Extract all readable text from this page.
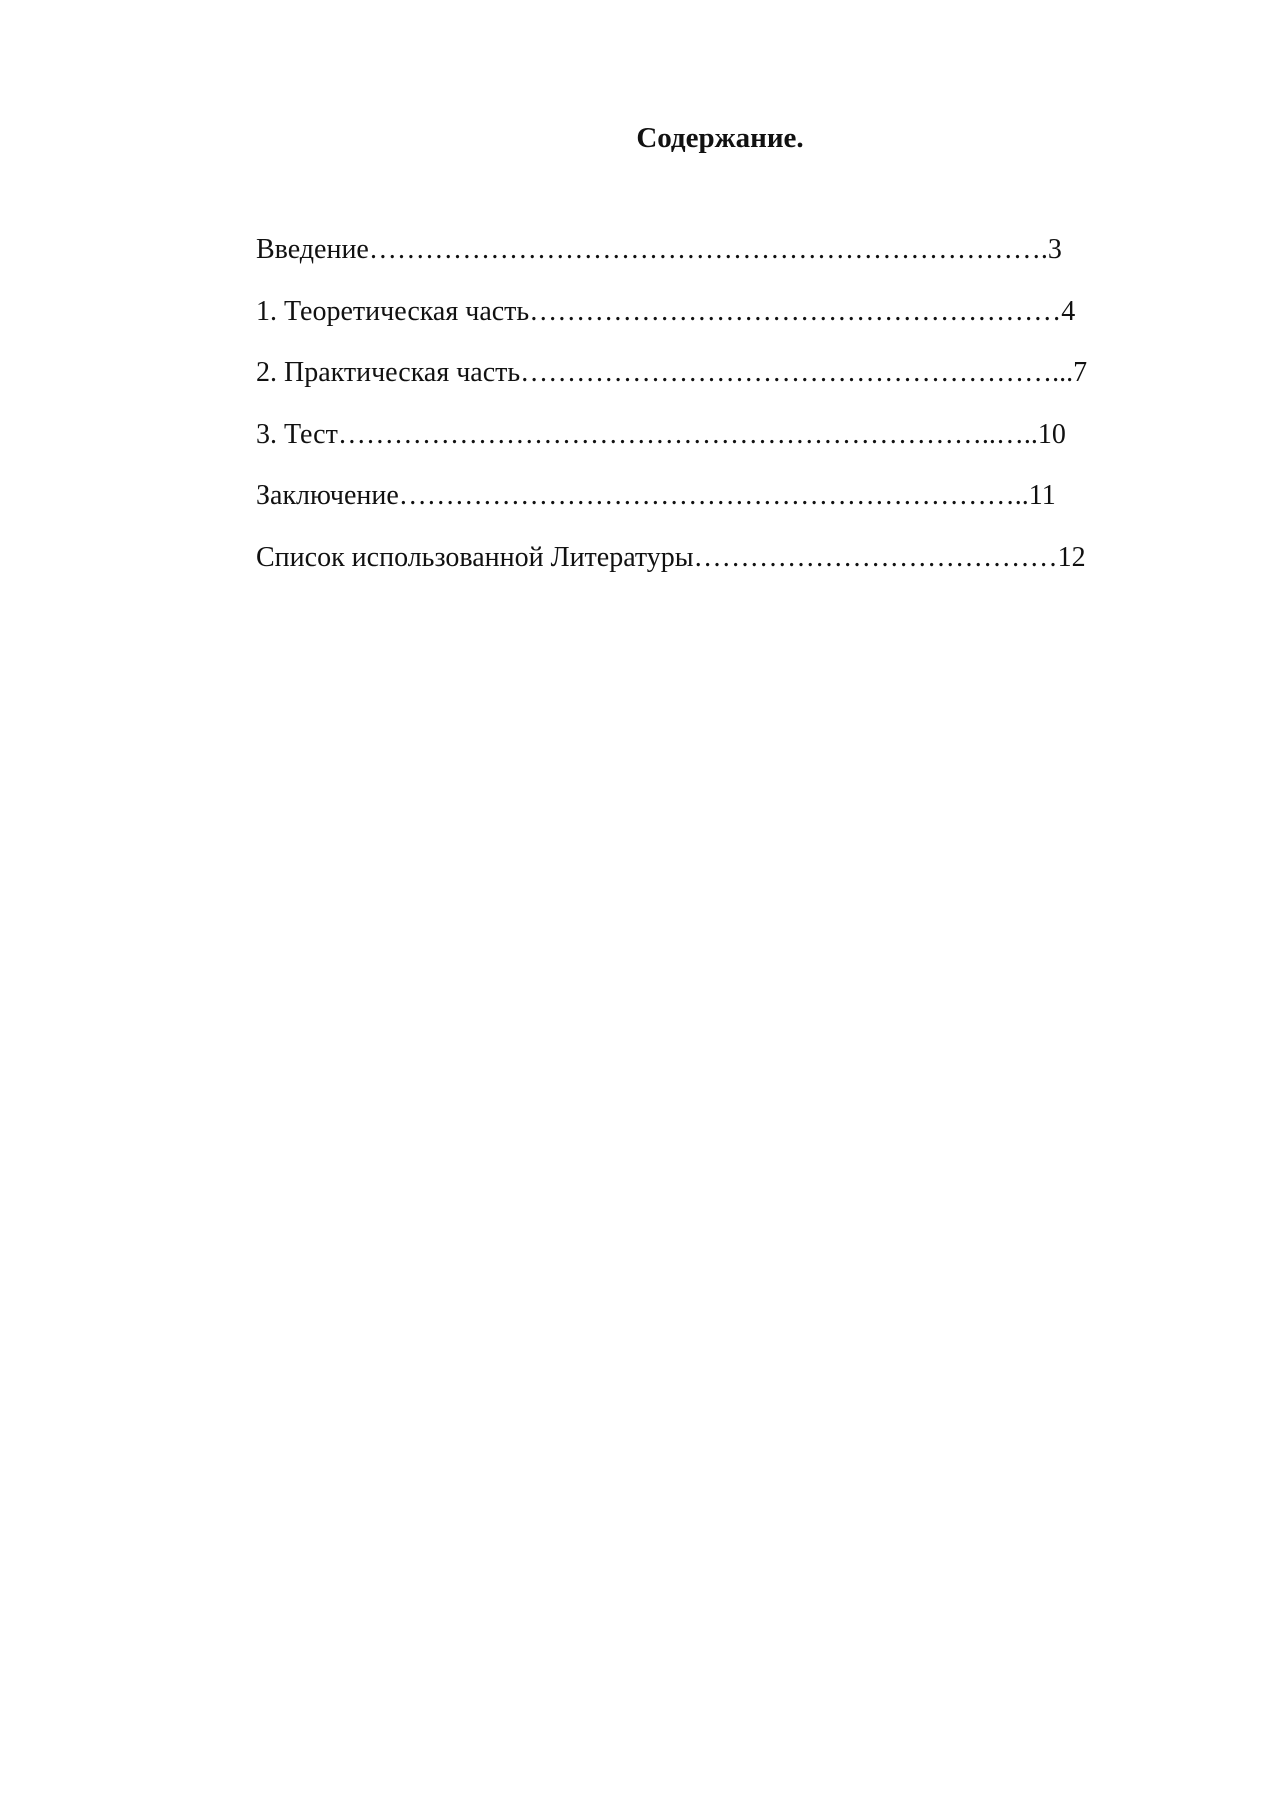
Содержание.
Введение……………………………………………………………….3
1. Теоретическая часть…………………………………………………4
2. Практическая часть…………………………………………………...7
3. Тест……………………………………………………………..…..10
Заключение…………………………………………………………..11
Список использованной Литературы…………………………………12
